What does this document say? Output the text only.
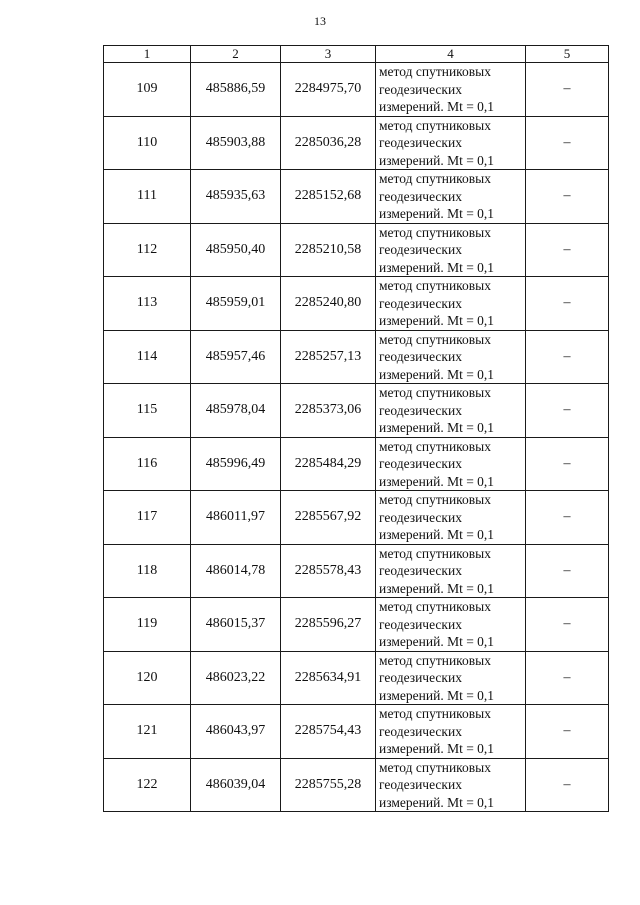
13
1	2	3	4	5
109	485886,59	2284975,70	метод спутниковых
геодезических
измерений. Mt = 0,1	–
110	485903,88	2285036,28	метод спутниковых
геодезических
измерений. Mt = 0,1	–
111	485935,63	2285152,68	метод спутниковых
геодезических
измерений. Mt = 0,1	–
112	485950,40	2285210,58	метод спутниковых
геодезических
измерений. Mt = 0,1	–
113	485959,01	2285240,80	метод спутниковых
геодезических
измерений. Mt = 0,1	–
114	485957,46	2285257,13	метод спутниковых
геодезических
измерений. Mt = 0,1	–
115	485978,04	2285373,06	метод спутниковых
геодезических
измерений. Mt = 0,1	–
116	485996,49	2285484,29	метод спутниковых
геодезических
измерений. Mt = 0,1	–
117	486011,97	2285567,92	метод спутниковых
геодезических
измерений. Mt = 0,1	–
118	486014,78	2285578,43	метод спутниковых
геодезических
измерений. Mt = 0,1	–
119	486015,37	2285596,27	метод спутниковых
геодезических
измерений. Mt = 0,1	–
120	486023,22	2285634,91	метод спутниковых
геодезических
измерений. Mt = 0,1	–
121	486043,97	2285754,43	метод спутниковых
геодезических
измерений. Mt = 0,1	–
122	486039,04	2285755,28	метод спутниковых
геодезических
измерений. Mt = 0,1	–
